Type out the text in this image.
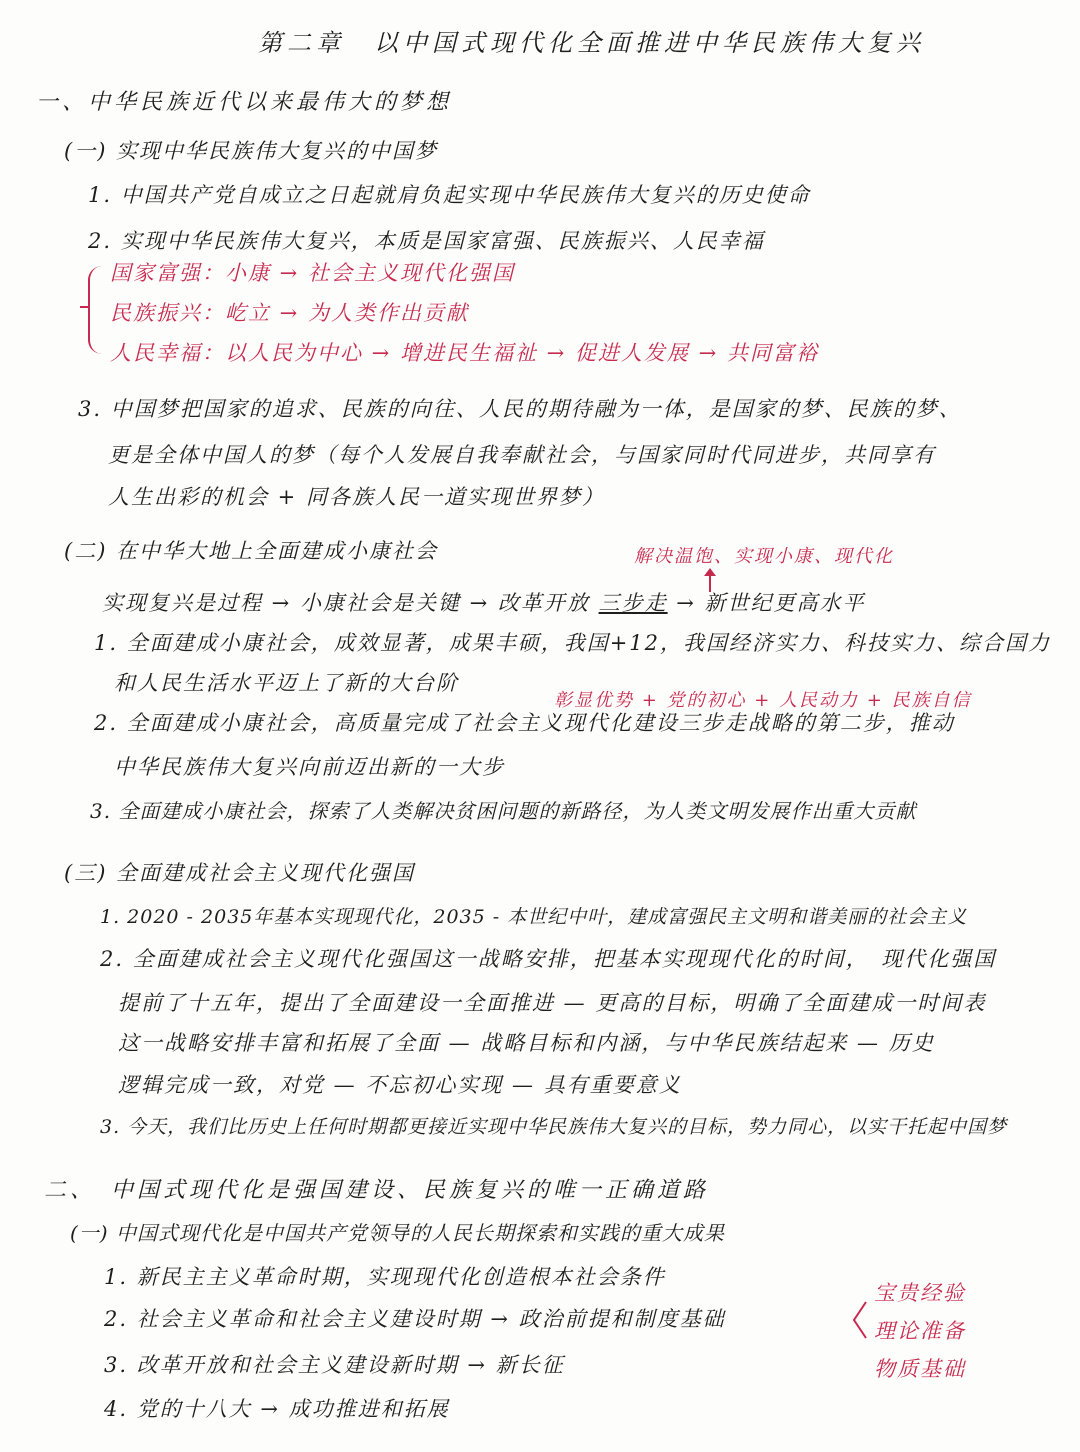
第二章　以中国式现代化全面推进中华民族伟大复兴
一、中华民族近代以来最伟大的梦想
(一) 实现中华民族伟大复兴的中国梦
1. 中国共产党自成立之日起就肩负起实现中华民族伟大复兴的历史使命
2. 实现中华民族伟大复兴，本质是国家富强、民族振兴、人民幸福
国家富强：小康 → 社会主义现代化强国
民族振兴：屹立 → 为人类作出贡献
人民幸福：以人民为中心 → 增进民生福祉 → 促进人发展 → 共同富裕
3. 中国梦把国家的追求、民族的向往、人民的期待融为一体，是国家的梦、民族的梦、
更是全体中国人的梦（每个人发展自我奉献社会，与国家同时代同进步，共同享有
人生出彩的机会 + 同各族人民一道实现世界梦）
(二) 在中华大地上全面建成小康社会	解决温饱、实现小康、现代化
实现复兴是过程 → 小康社会是关键 → 改革开放 三步走 → 新世纪更高水平
1. 全面建成小康社会，成效显著，成果丰硕，我国+12，我国经济实力、科技实力、综合国力
和人民生活水平迈上了新的大台阶
彰显优势 + 党的初心 + 人民动力 + 民族自信
2. 全面建成小康社会，高质量完成了社会主义现代化建设三步走战略的第二步，推动
中华民族伟大复兴向前迈出新的一大步
3. 全面建成小康社会，探索了人类解决贫困问题的新路径，为人类文明发展作出重大贡献
(三) 全面建成社会主义现代化强国
1. 2020 - 2035年基本实现现代化，2035 - 本世纪中叶，建成富强民主文明和谐美丽的社会主义
2. 全面建成社会主义现代化强国这一战略安排，把基本实现现代化的时间，　现代化强国
提前了十五年，提出了全面建设一全面推进 — 更高的目标，明确了全面建成一时间表
这一战略安排丰富和拓展了全面 — 战略目标和内涵，与中华民族结起来 — 历史
逻辑完成一致，对党 — 不忘初心实现 — 具有重要意义
3. 今天，我们比历史上任何时期都更接近实现中华民族伟大复兴的目标，势力同心，以实干托起中国梦
二、　中国式现代化是强国建设、民族复兴的唯一正确道路
(一) 中国式现代化是中国共产党领导的人民长期探索和实践的重大成果
1. 新民主主义革命时期，实现现代化创造根本社会条件
2. 社会主义革命和社会主义建设时期 → 政治前提和制度基础
3. 改革开放和社会主义建设新时期 → 新长征
4. 党的十八大 → 成功推进和拓展
宝贵经验
理论准备
物质基础
